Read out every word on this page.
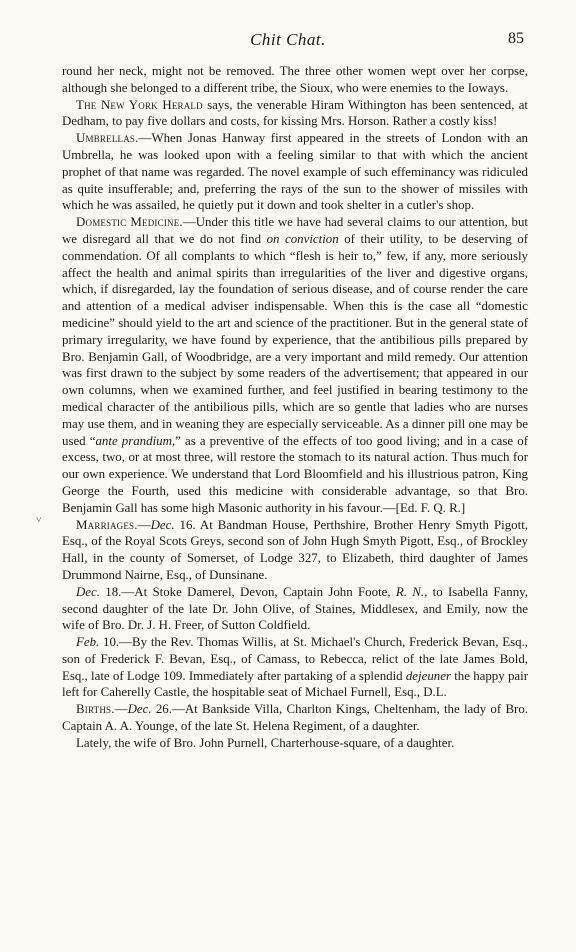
Chit Chat.	85
˅

round her neck, might not be removed. The three other women wept over her corpse, although she belonged to a different tribe, the Sioux, who were enemies to the Ioways.

The New York Herald says, the venerable Hiram Withington has been sentenced, at Dedham, to pay five dollars and costs, for kissing Mrs. Horson. Rather a costly kiss!

Umbrellas.—When Jonas Hanway first appeared in the streets of London with an Umbrella, he was looked upon with a feeling similar to that with which the ancient prophet of that name was regarded. The novel example of such effeminancy was ridiculed as quite insufferable; and, preferring the rays of the sun to the shower of missiles with which he was assailed, he quietly put it down and took shelter in a cutler's shop.

Domestic Medicine.—Under this title we have had several claims to our attention, but we disregard all that we do not find on conviction of their utility, to be deserving of commendation. Of all complants to which “flesh is heir to,” few, if any, more seriously affect the health and animal spirits than irregularities of the liver and digestive organs, which, if disregarded, lay the foundation of serious disease, and of course render the care and attention of a medical adviser indispensable. When this is the case all “domestic medicine” should yield to the art and science of the practitioner. But in the general state of primary irregularity, we have found by experience, that the antibilious pills prepared by Bro. Benjamin Gall, of Woodbridge, are a very important and mild remedy. Our attention was first drawn to the subject by some readers of the advertisement; that appeared in our own columns, when we examined further, and feel justified in bearing testimony to the medical character of the antibilious pills, which are so gentle that ladies who are nurses may use them, and in weaning they are especially serviceable. As a dinner pill one may be used “ante prandium,” as a preventive of the effects of too good living; and in a case of excess, two, or at most three, will restore the stomach to its natural action. Thus much for our own experience. We understand that Lord Bloomfield and his illustrious patron, King George the Fourth, used this medicine with considerable advantage, so that Bro. Benjamin Gall has some high Masonic authority in his favour.—[Ed. F. Q. R.]

Marriages.—Dec. 16. At Bandman House, Perthshire, Brother Henry Smyth Pigott, Esq., of the Royal Scots Greys, second son of John Hugh Smyth Pigott, Esq., of Brockley Hall, in the county of Somerset, of Lodge 327, to Elizabeth, third daughter of James Drummond Nairne, Esq., of Dunsinane.

Dec. 18.—At Stoke Damerel, Devon, Captain John Foote, R. N., to Isabella Fanny, second daughter of the late Dr. John Olive, of Staines, Middlesex, and Emily, now the wife of Bro. Dr. J. H. Freer, of Sutton Coldfield.

Feb. 10.—By the Rev. Thomas Willis, at St. Michael's Church, Frederick Bevan, Esq., son of Frederick F. Bevan, Esq., of Camass, to Rebecca, relict of the late James Bold, Esq., late of Lodge 109. Immediately after partaking of a splendid dejeuner the happy pair left for Caherelly Castle, the hospitable seat of Michael Furnell, Esq., D.L.

Births.—Dec. 26.—At Bankside Villa, Charlton Kings, Cheltenham, the lady of Bro. Captain A. A. Younge, of the late St. Helena Regiment, of a daughter.

Lately, the wife of Bro. John Purnell, Charterhouse-square, of a daughter.
